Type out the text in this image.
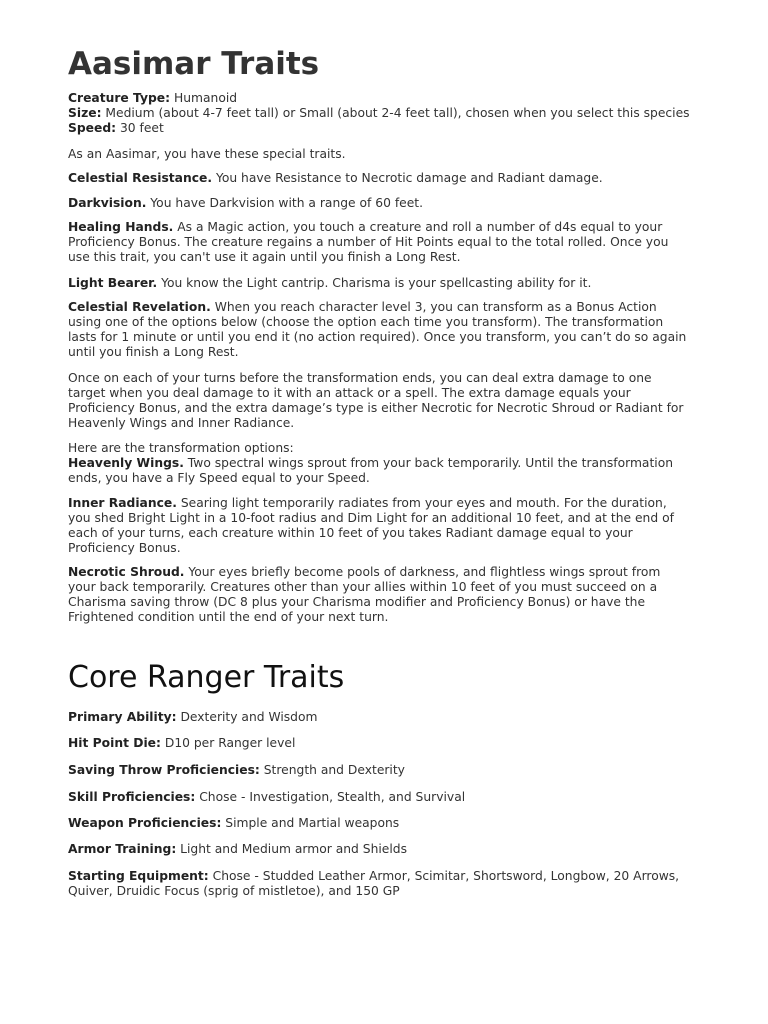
Aasimar Traits
Creature Type: Humanoid
Size: Medium (about 4-7 feet tall) or Small (about 2-4 feet tall), chosen when you select this species
Speed: 30 feet
As an Aasimar, you have these special traits.
Celestial Resistance. You have Resistance to Necrotic damage and Radiant damage.
Darkvision. You have Darkvision with a range of 60 feet.
Healing Hands. As a Magic action, you touch a creature and roll a number of d4s equal to your
Proficiency Bonus. The creature regains a number of Hit Points equal to the total rolled. Once you
use this trait, you can't use it again until you finish a Long Rest.
Light Bearer. You know the Light cantrip. Charisma is your spellcasting ability for it.
Celestial Revelation. When you reach character level 3, you can transform as a Bonus Action
using one of the options below (choose the option each time you transform). The transformation
lasts for 1 minute or until you end it (no action required). Once you transform, you can’t do so again
until you finish a Long Rest.
Once on each of your turns before the transformation ends, you can deal extra damage to one
target when you deal damage to it with an attack or a spell. The extra damage equals your
Proficiency Bonus, and the extra damage’s type is either Necrotic for Necrotic Shroud or Radiant for
Heavenly Wings and Inner Radiance.
Here are the transformation options:
Heavenly Wings. Two spectral wings sprout from your back temporarily. Until the transformation
ends, you have a Fly Speed equal to your Speed.
Inner Radiance. Searing light temporarily radiates from your eyes and mouth. For the duration,
you shed Bright Light in a 10-foot radius and Dim Light for an additional 10 feet, and at the end of
each of your turns, each creature within 10 feet of you takes Radiant damage equal to your
Proficiency Bonus.
Necrotic Shroud. Your eyes briefly become pools of darkness, and flightless wings sprout from
your back temporarily. Creatures other than your allies within 10 feet of you must succeed on a
Charisma saving throw (DC 8 plus your Charisma modifier and Proficiency Bonus) or have the
Frightened condition until the end of your next turn.
Core Ranger Traits
Primary Ability: Dexterity and Wisdom
Hit Point Die: D10 per Ranger level
Saving Throw Proficiencies: Strength and Dexterity
Skill Proficiencies: Chose - Investigation, Stealth, and Survival
Weapon Proficiencies: Simple and Martial weapons
Armor Training: Light and Medium armor and Shields
Starting Equipment: Chose - Studded Leather Armor, Scimitar, Shortsword, Longbow, 20 Arrows,
Quiver, Druidic Focus (sprig of mistletoe), and 150 GP
